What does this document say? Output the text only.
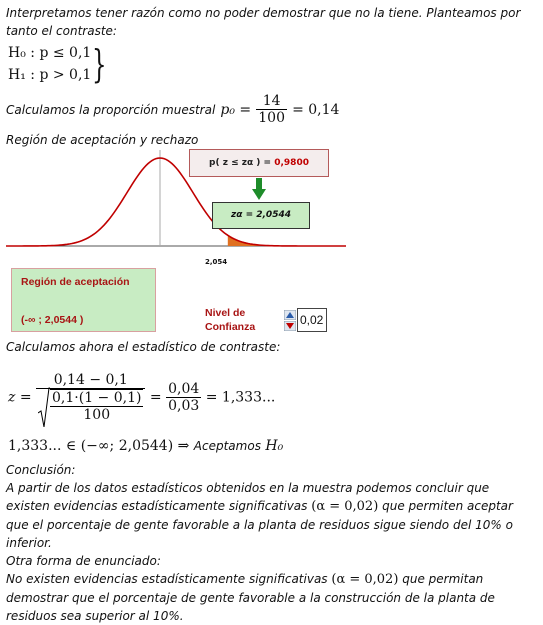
Interpretamos tener razón como no poder demostrar que no la tiene. Planteamos por tanto el contraste:
H₀ : p ≤ 0,1
H₁ : p > 0,1 }
Calculamos la proporción muestral $p_0 = \frac{14}{100} = 0,14$
Región de aceptación y rechazo
p( z ≤ zα ) = 0,9800
zα = 2,0544
2,054
Región de aceptación
(-∞ ; 2,0544 )
Nivel de Confianza	0,02
Calculamos ahora el estadístico de contraste:
z = 0,14 − 0,1
0,1·(1 − 0,1)
$100 = \frac{0,04}{0,03} = 1,333$...
1,333... ∈ (−∞; 2,0544) ⇒ Aceptamos H₀
Conclusión:
A partir de los datos estadísticos obtenidos en la muestra podemos concluir que existen evidencias estadísticamente significativas (α = 0,02) que permiten aceptar que el porcentaje de gente favorable a la planta de residuos sigue siendo del 10% o inferior.
Otra forma de enunciado:
No existen evidencias estadísticamente significativas (α = 0,02) que permitan demostrar que el porcentaje de gente favorable a la construcción de la planta de residuos sea superior al 10%.
